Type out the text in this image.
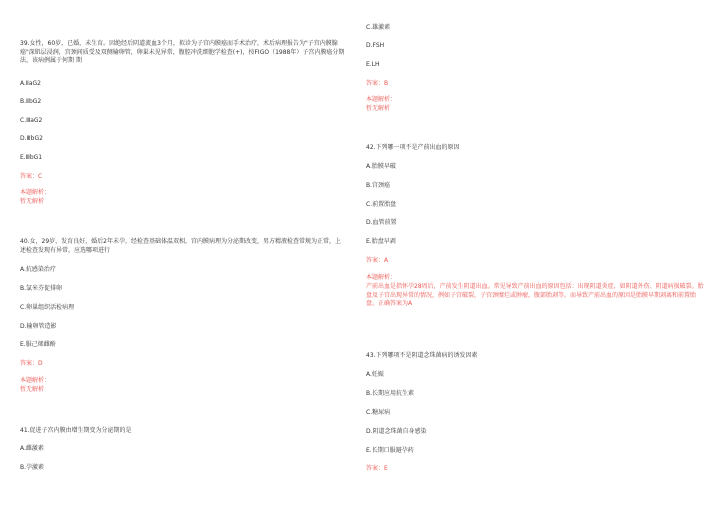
39.女性，60岁，已婚，未生育。因绝经后阴道流血3个月，拟诊为子宫内膜癌而手术治疗，术后病理报告为"子宫内膜腺癌"深肌层浸润，宫颈间质受及双侧输卵管，卵巢未见异常，腹腔冲洗细胞学检查(+)，按FIGO（1988年）子宫内膜癌分期法，该病例属于何期 期
A.ⅡaG2
B.ⅡbG2
C.ⅢaG2
D.ⅢbG2
E.ⅢbG1
答案：C
本题解析：
暂无解析
40.女，29岁，发育良好，婚后2年未孕，经检查基础体温双相，宫内膜病理为分泌期改变，男方精液检查常规为正常，上述检查发现有异常，应选哪项进行
A.抗感染治疗
B.氯米芬促排卵
C.卵巢组织活检病理
D.输卵管造影
E.服己烯雌酚
答案：D
本题解析：
暂无解析
41.促进子宫内膜由增生期变为分泌期的是
A.雌激素
B.孕激素
C.雄激素
D.FSH
E.LH
答案：B
本题解析：
暂无解析
42.下列哪一项不是产前出血的原因
A.胎膜早破
B.宫颈癌
C.前置胎盘
D.血管前置
E.胎盘早剥
答案：A
本题解析：
产前出血是指怀孕28周后，产前发生阴道出血。常见导致产前出血的原因包括：出现阴道炎症，如阴道外伤、阴道病损破裂。胎盘及子宫出现异常的情况，例如子宫破裂，子宫颈糜烂或肿瘤，腹部胎剥等。而导致产前出血的原因是胎膜早期剥离和前置胎盘。正确答案为A
43.下列哪项不是阴道念珠菌病的诱发因素
A.妊娠
B.长期应用抗生素
C.糖尿病
D.阴道念珠菌自身感染
E.长期口服避孕药
答案：E
